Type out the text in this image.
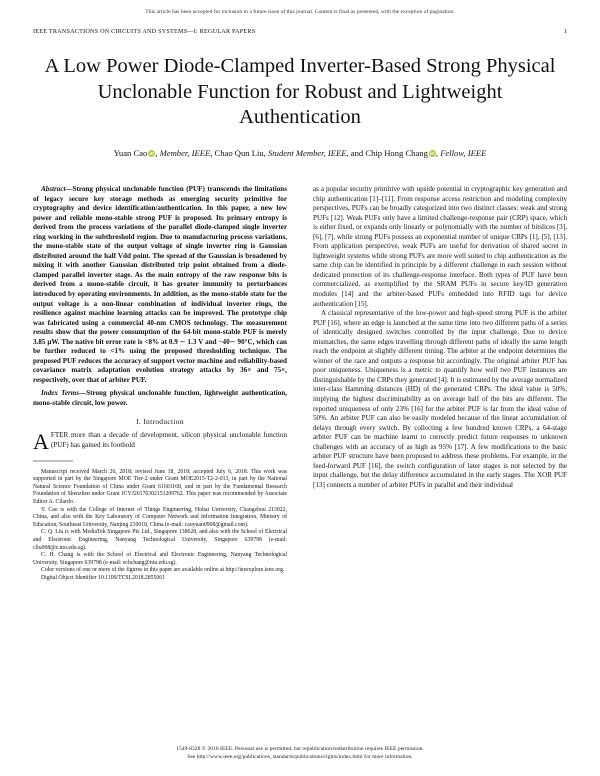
This article has been accepted for inclusion in a future issue of this journal. Content is final as presented, with the exception of pagination.
IEEE TRANSACTIONS ON CIRCUITS AND SYSTEMS—I: REGULAR PAPERS	1
A Low Power Diode-Clamped Inverter-Based Strong Physical Unclonable Function for Robust and Lightweight Authentication
Yuan Cao iD, Member, IEEE, Chao Qun Liu, Student Member, IEEE, and Chip Hong Chang iD, Fellow, IEEE

Abstract—Strong physical unclonable function (PUF) transcends the limitations of legacy secure key storage methods as emerging security primitive for cryptography and device identification/authentication. In this paper, a new low power and reliable mono-stable strong PUF is proposed. Its primary entropy is derived from the process variations of the parallel diode-clamped single inverter ring working in the subthreshold region. Due to manufacturing process variations, the mono-stable state of the output voltage of single inverter ring is Gaussian distributed around the half Vdd point. The spread of the Gaussian is broadened by mixing it with another Gaussian distributed trip point obtained from a diode-clamped parallel inverter stage. As the main entropy of the raw response bits is derived from a mono-stable circuit, it has greater immunity to perturbances introduced by operating environments. In addition, as the mono-stable state for the output voltage is a non-linear combination of individual inverter rings, the resilience against machine learning attacks can be improved. The prototype chip was fabricated using a commercial 40-nm CMOS technology. The measurement results show that the power consumption of the 64-bit mono-stable PUF is merely 3.85 μW. The native bit error rate is <8% at 0.9 ∼ 1.3 V and −40∼ 90°C, which can be further reduced to <1% using the proposed thresholding technique. The proposed PUF reduces the accuracy of support vector machine and reliability-based covariance matrix adaptation evolution strategy attacks by 36× and 75×, respectively, over that of arbiter PUF.

Index Terms—Strong physical unclonable function, lightweight authentication, mono-stable circuit, low power.

I. Introduction

AFTER more than a decade of development, silicon physical unclonable function (PUF) has gained its foothold

Manuscript received March 26, 2018; revised June 18, 2018; accepted July 6, 2018. This work was supported in part by the Singapore MOE Tier-2 under Grant MOE2015-T2-2-013, in part by the National Natural Science Foundation of China under Grant 61601168, and in part by the Fundamental Research Foundation of Shenzhen under Grant JCYJ20170302151209762. This paper was recommended by Associate Editor A. Cilardo.

Y. Cao is with the College of Internet of Things Engineering, Hohai University, Changzhou 213022, China, and also with the Key Laboratory of Computer Network and Information Integration, Ministry of Education, Southeast University, Nanjing 210018, China (e-mail: caoyuan0908@gmail.com).

C. Q. Liu is with MediaTek Singapore Pte Ltd., Singapore 138628, and also with the School of Electrical and Electronic Engineering, Nanyang Technological University, Singapore 639798 (e-mail: cliu008@e.ntu.edu.sg).

C. H. Chang is with the School of Electrical and Electronic Engineering, Nanyang Technological University, Singapore 639798 (e-mail: echchang@ntu.edu.sg).

Color versions of one or more of the figures in this paper are available online at http://ieeexplore.ieee.org.

Digital Object Identifier 10.1109/TCSI.2018.2855061

as a popular security primitive with upside potential in cryptographic key generation and chip authentication [1]–[11]. From response access restriction and modeling complexity perspectives, PUFs can be broadly categorized into two distinct classes: weak and strong PUFs [12]. Weak PUFs only have a limited challenge-response pair (CRP) space, which is either fixed, or expands only linearly or polynomially with the number of bitslices [3], [6], [7], while strong PUFs possess an exponential number of unique CRPs [1], [5], [13]. From application perspective, weak PUFs are useful for derivation of shared secret in lightweight systems while strong PUFs are more well suited to chip authentication as the same chip can be identified in principle by a different challenge in each session without dedicated protection of its challenge-response interface. Both types of PUF have been commercialized, as exemplified by the SRAM PUFs in secure key/ID generation modules [14] and the arbiter-based PUFs embedded into RFID tags for device authentication [15].

A classical representative of the low-power and high-speed strong PUF is the arbiter PUF [16], where an edge is launched at the same time into two different paths of a series of identically designed switches controlled by the input challenge. Due to device mismatches, the same edges travelling through different paths of ideally the same length reach the endpoint at slightly different timing. The arbiter at the endpoint determines the winner of the race and outputs a response bit accordingly. The original arbiter PUF has poor uniqueness. Uniqueness is a metric to quantify how well two PUF instances are distinguishable by the CRPs they generated [4]. It is estimated by the average normalized inter-class Hamming distances (HD) of the generated CRPs. The ideal value is 50%, implying the highest discriminability as on average half of the bits are different. The reported uniqueness of only 23% [16] for the arbiter PUF is far from the ideal value of 50%. An arbiter PUF can also be easily modeled because of the linear accumulation of delays through every switch. By collecting a few hundred known CRPs, a 64-stage arbiter PUF can be machine learnt to correctly predict future responses to unknown challenges with an accuracy of as high as 95% [17]. A few modifications to the basic arbiter PUF structure have been proposed to address these problems. For example, in the feed-forward PUF [16], the switch configuration of later stages is not selected by the input challenge, but the delay difference accumulated in the early stages. The XOR PUF [13] connects a number of arbiter PUFs in parallel and their individual

1549-8328 © 2018 IEEE. Personal use is permitted, but republication/redistribution requires IEEE permission.
See http://www.ieee.org/publications_standards/publications/rights/index.html for more information.
